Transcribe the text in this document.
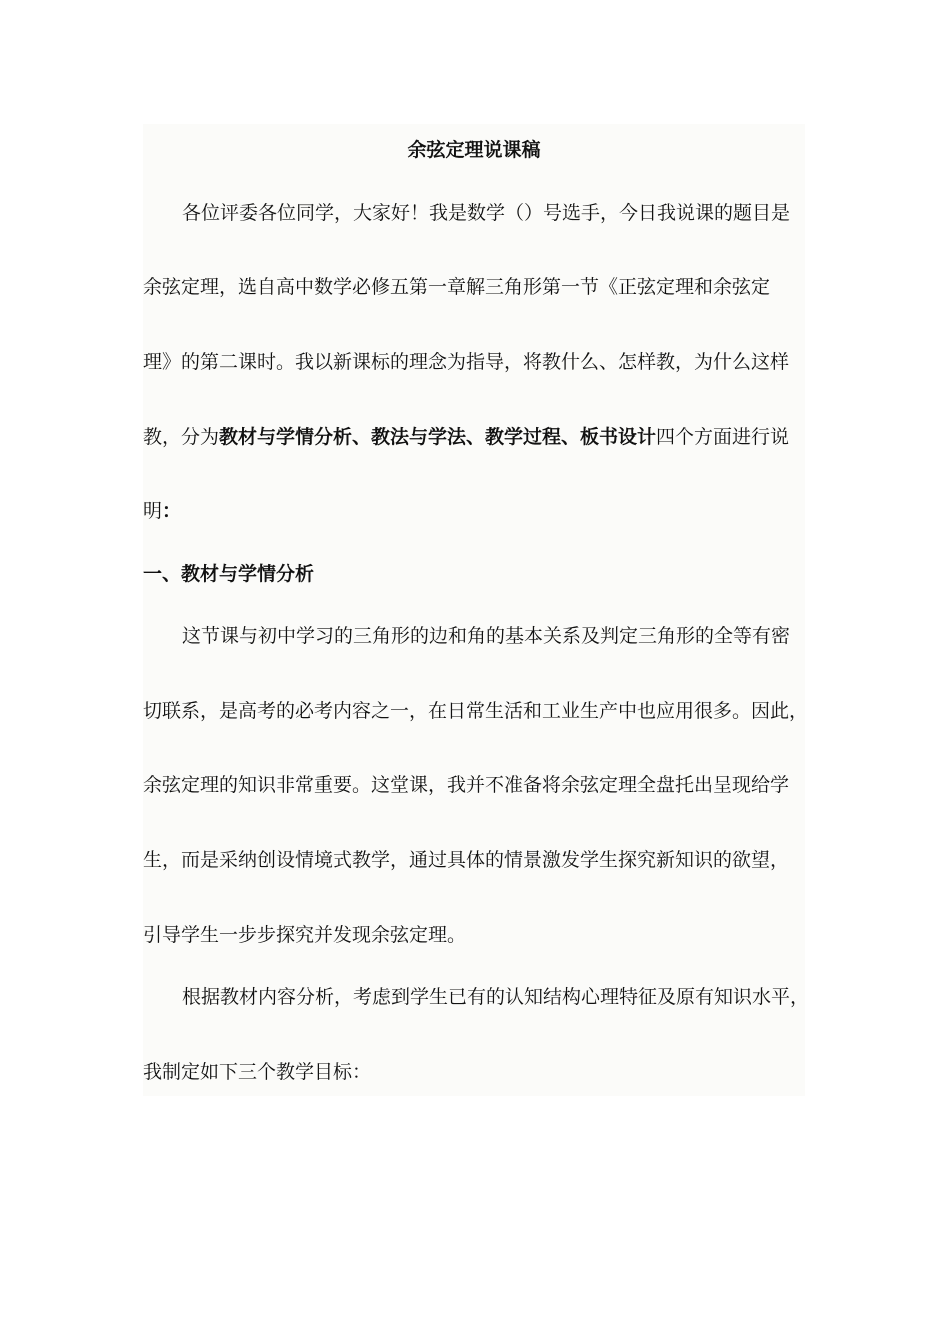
余弦定理说课稿
各位评委各位同学，大家好！我是数学（）号选手，今日我说课的题目是
余弦定理，选自高中数学必修五第一章解三角形第一节《正弦定理和余弦定
理》的第二课时。我以新课标的理念为指导，将教什么、怎样教，为什么这样
教，分为教材与学情分析、教法与学法、教学过程、板书设计四个方面进行说
明：
一、教材与学情分析
这节课与初中学习的三角形的边和角的基本关系及判定三角形的全等有密
切联系，是高考的必考内容之一，在日常生活和工业生产中也应用很多。因此，
余弦定理的知识非常重要。这堂课，我并不准备将余弦定理全盘托出呈现给学
生，而是采纳创设情境式教学，通过具体的情景激发学生探究新知识的欲望，
引导学生一步步探究并发现余弦定理。
根据教材内容分析，考虑到学生已有的认知结构心理特征及原有知识水平，
我制定如下三个教学目标：
